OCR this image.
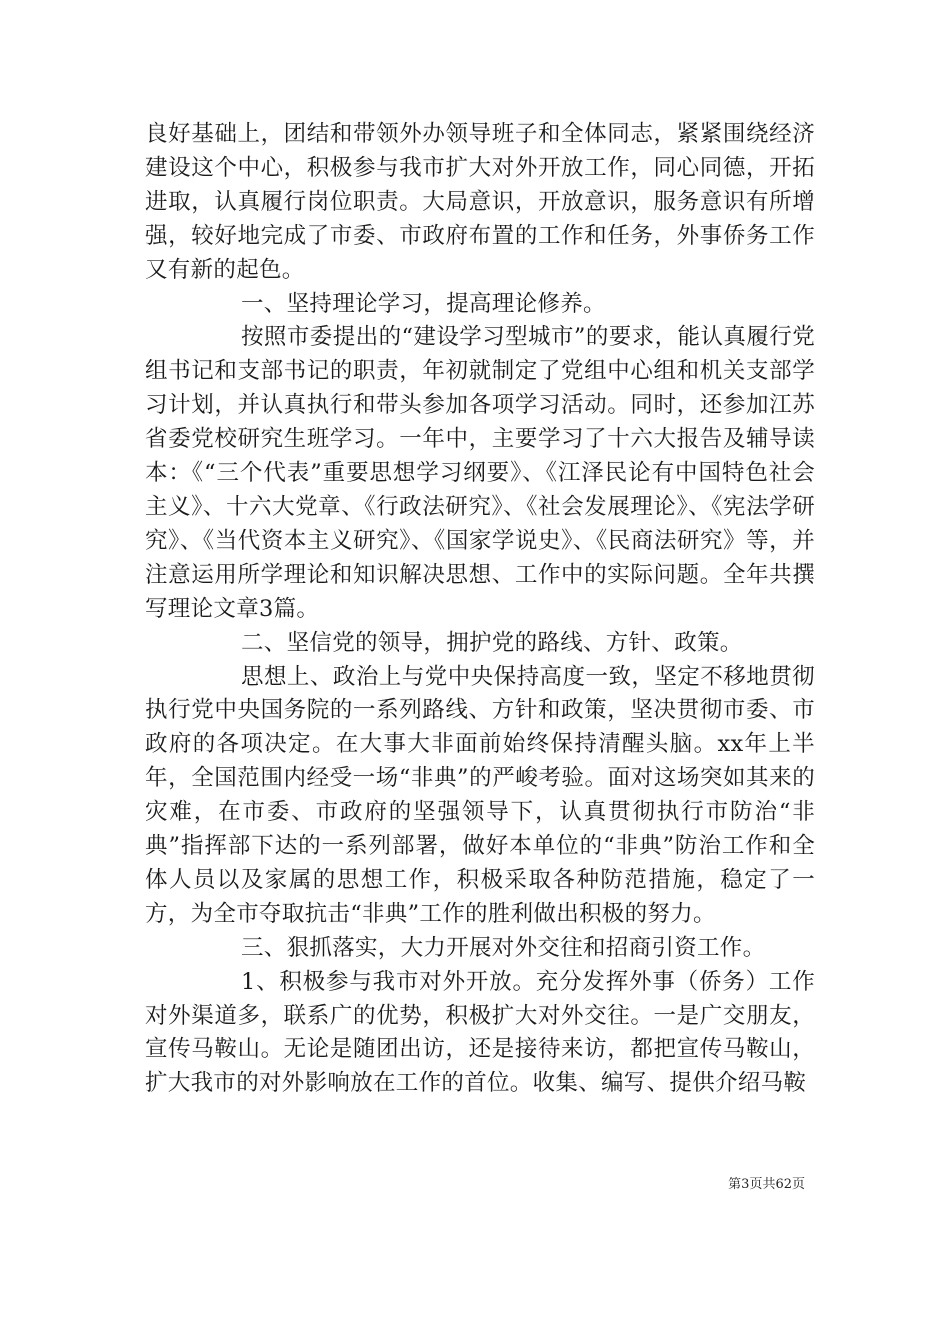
良好基础上，团结和带领外办领导班子和全体同志，紧紧围绕经济建设这个中心，积极参与我市扩大对外开放工作，同心同德，开拓进取，认真履行岗位职责。大局意识，开放意识，服务意识有所增强，较好地完成了市委、市政府布置的工作和任务，外事侨务工作又有新的起色。

一、坚持理论学习，提高理论修养。

按照市委提出的“建设学习型城市”的要求，能认真履行党组书记和支部书记的职责，年初就制定了党组中心组和机关支部学习计划，并认真执行和带头参加各项学习活动。同时，还参加江苏省委党校研究生班学习。一年中，主要学习了十六大报告及辅导读本：《“三个代表”重要思想学习纲要》、《江泽民论有中国特色社会主义》、十六大党章、《行政法研究》、《社会发展理论》、《宪法学研究》、《当代资本主义研究》、《国家学说史》、《民商法研究》等，并注意运用所学理论和知识解决思想、工作中的实际问题。全年共撰写理论文章3篇。

二、坚信党的领导，拥护党的路线、方针、政策。

思想上、政治上与党中央保持高度一致，坚定不移地贯彻执行党中央国务院的一系列路线、方针和政策，坚决贯彻市委、市政府的各项决定。在大事大非面前始终保持清醒头脑。xx年上半年，全国范围内经受一场“非典”的严峻考验。面对这场突如其来的灾难，在市委、市政府的坚强领导下，认真贯彻执行市防治“非典”指挥部下达的一系列部署，做好本单位的“非典”防治工作和全体人员以及家属的思想工作，积极采取各种防范措施，稳定了一方，为全市夺取抗击“非典”工作的胜利做出积极的努力。

三、狠抓落实，大力开展对外交往和招商引资工作。

1、积极参与我市对外开放。充分发挥外事（侨务）工作对外渠道多，联系广的优势，积极扩大对外交往。一是广交朋友，宣传马鞍山。无论是随团出访，还是接待来访，都把宣传马鞍山，扩大我市的对外影响放在工作的首位。收集、编写、提供介绍马鞍

第3页共62页
